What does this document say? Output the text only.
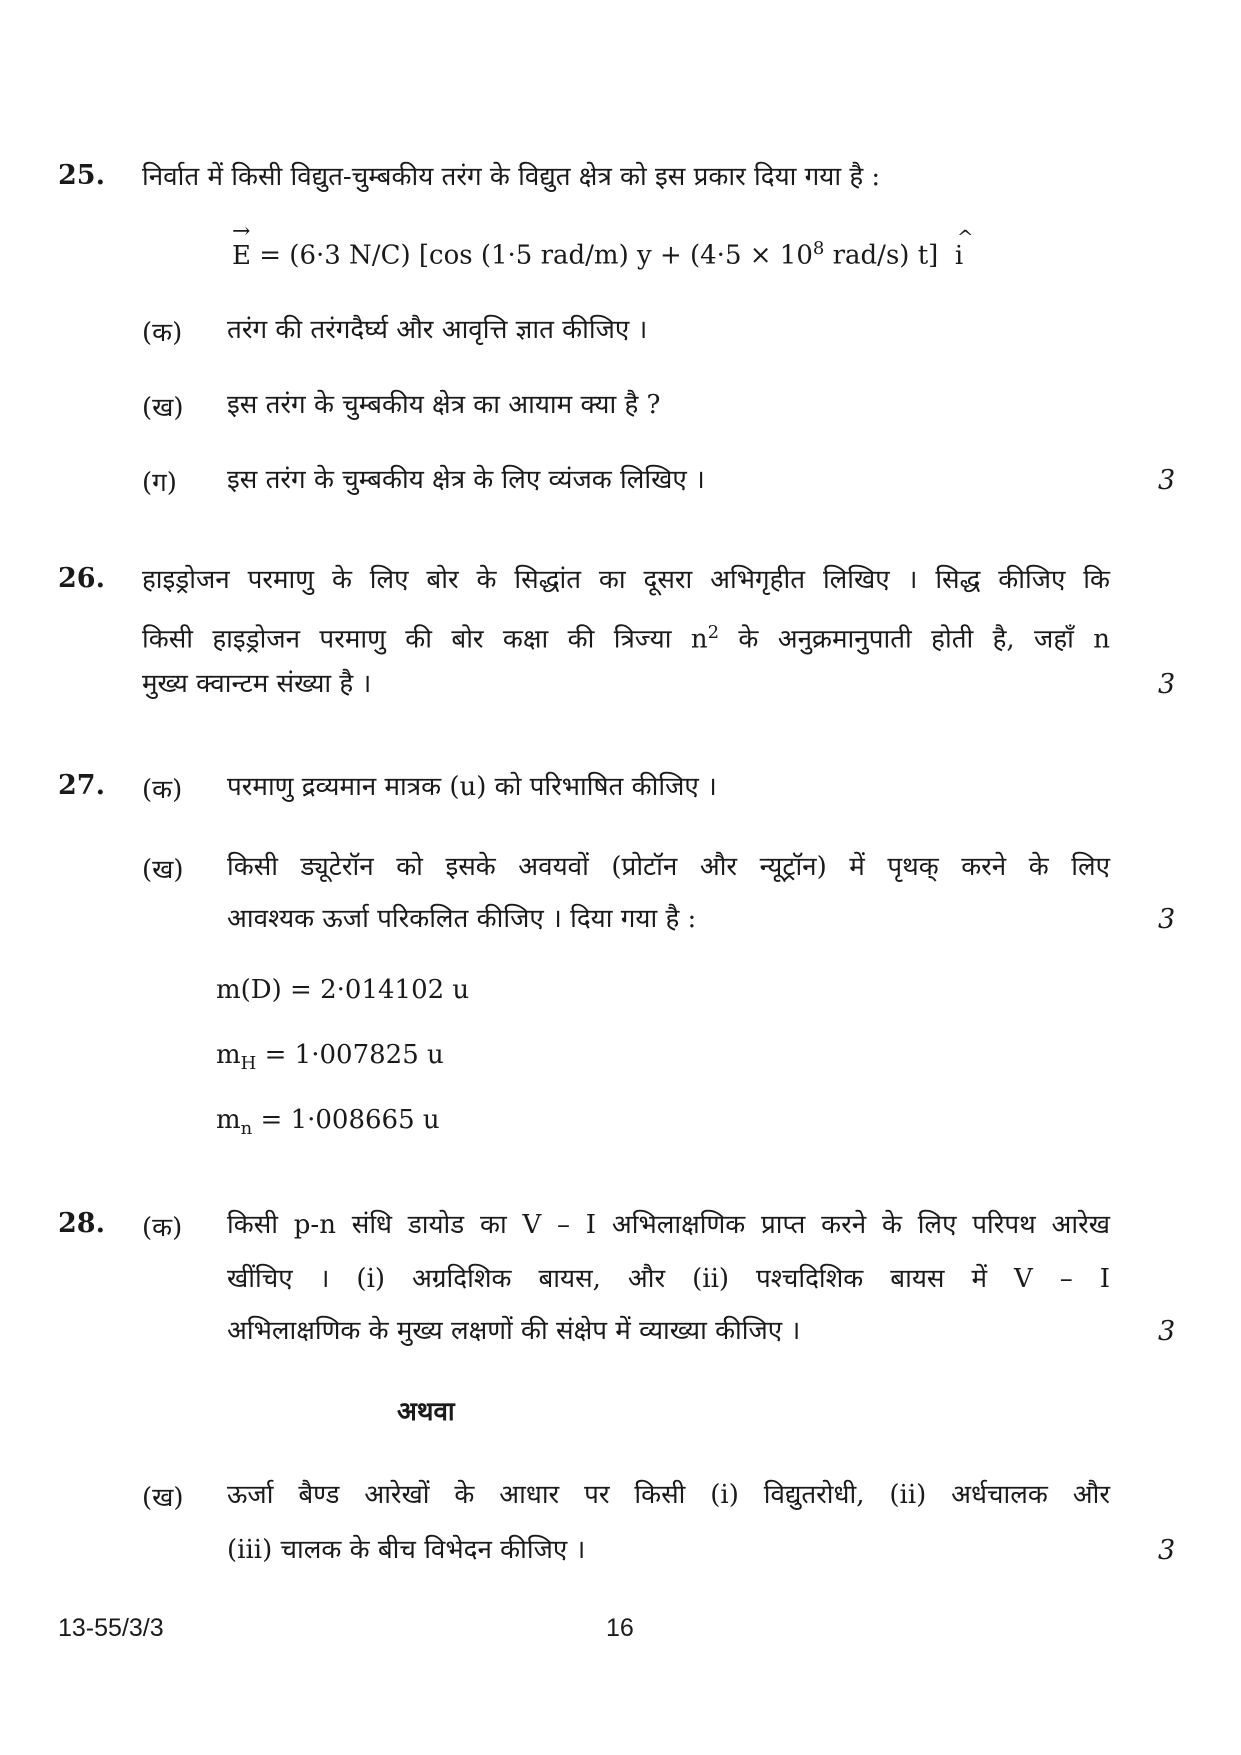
25. निर्वात में किसी विद्युत-चुम्बकीय तरंग के विद्युत क्षेत्र को इस प्रकार दिया गया है :
→
E = (6·3 N/C) [cos (1·5 rad/m) $y + (4\cdot 5 \times 10^8$ rad/s) t]
^
i
(क) तरंग की तरंगदैर्घ्य और आवृत्ति ज्ञात कीजिए ।
(ख) इस तरंग के चुम्बकीय क्षेत्र का आयाम क्या है ?
(ग) इस तरंग के चुम्बकीय क्षेत्र के लिए व्यंजक लिखिए ।	3
26. हाइड्रोजन परमाणु के लिए बोर के सिद्धांत का दूसरा अभिगृहीत लिखिए । सिद्ध कीजिए कि
किसी हाइड्रोजन परमाणु की बोर कक्षा की त्रिज्या $n^2$ के अनुक्रमानुपाती होती है, जहाँ n
मुख्य क्वान्टम संख्या है ।	3
27. (क) परमाणु द्रव्यमान मात्रक (u) को परिभाषित कीजिए ।
(ख) किसी ड्यूटेरॉन को इसके अवयवों (प्रोटॉन और न्यूट्रॉन) में पृथक् करने के लिए
आवश्यक ऊर्जा परिकलित कीजिए । दिया गया है :	3
m(D) = 2·014102 u
$m_H = 1\cdot 007825$ u
$m_n = 1\cdot 008665$ u
28. (क) किसी p-n संधि डायोड का V – I अभिलाक्षणिक प्राप्त करने के लिए परिपथ आरेख
खींचिए । (i) अग्रदिशिक बायस, और (ii) पश्चदिशिक बायस में V – I
अभिलाक्षणिक के मुख्य लक्षणों की संक्षेप में व्याख्या कीजिए ।	3
अथवा
(ख) ऊर्जा बैण्ड आरेखों के आधार पर किसी (i) विद्युतरोधी, (ii) अर्धचालक और
(iii) चालक के बीच विभेदन कीजिए ।	3
13-55/3/3	16
